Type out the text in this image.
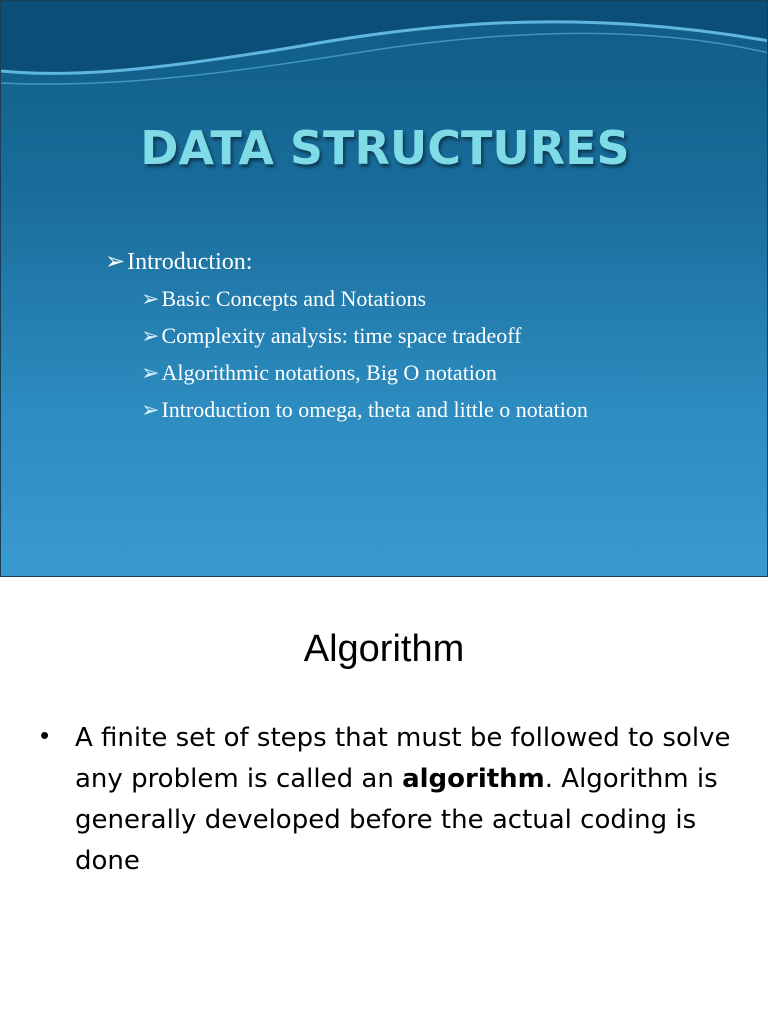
DATA STRUCTURES
➢Introduction:
➢Basic Concepts and Notations
➢Complexity analysis: time space tradeoff
➢Algorithmic notations, Big O notation
➢Introduction to omega, theta and little o notation
Algorithm
• A finite set of steps that must be followed to solve any problem is called an algorithm. Algorithm is generally developed before the actual coding is done
